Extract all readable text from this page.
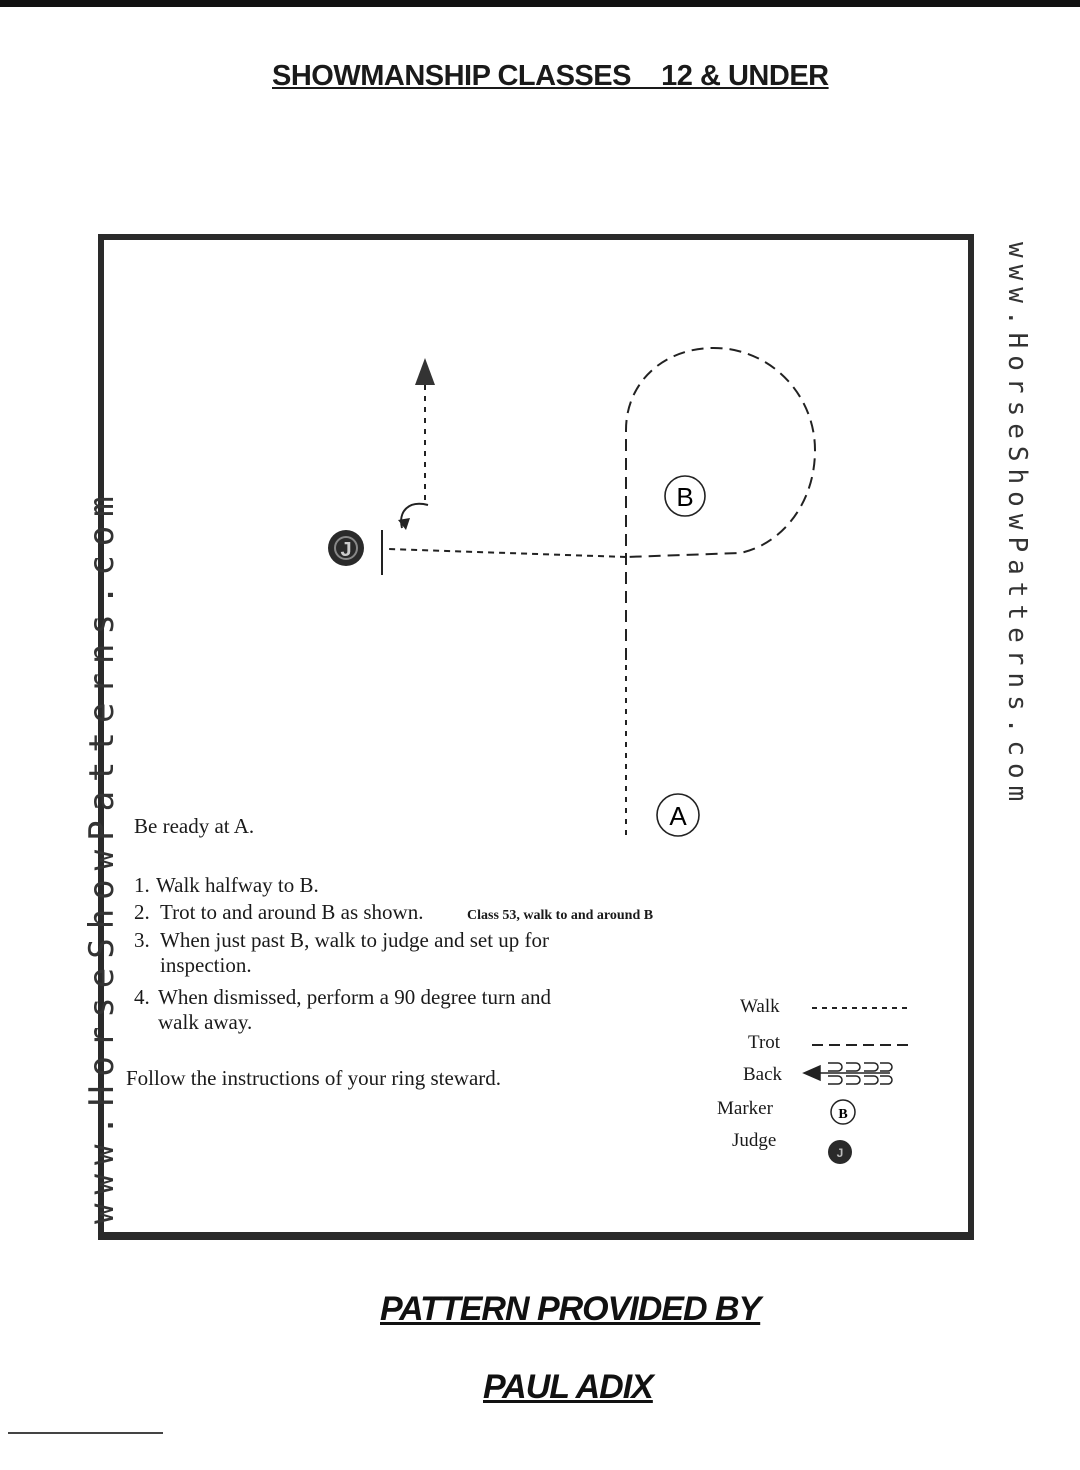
SHOWMANSHIP CLASSES    12 & UNDER
www.HorseShowPatterns.com	www.HorseShowPatterns.com
B
A
J
B
J
Be ready at A.
1. Walk halfway to B.
2. Trot to and around B as shown.	Class 53, walk to and around B
3. When just past B, walk to judge and set up for
inspection.
4. When dismissed, perform a 90 degree turn and
walk away.
Follow the instructions of your ring steward.
Walk
Trot
Back
Marker
Judge
PATTERN PROVIDED BY
PAUL ADIX
